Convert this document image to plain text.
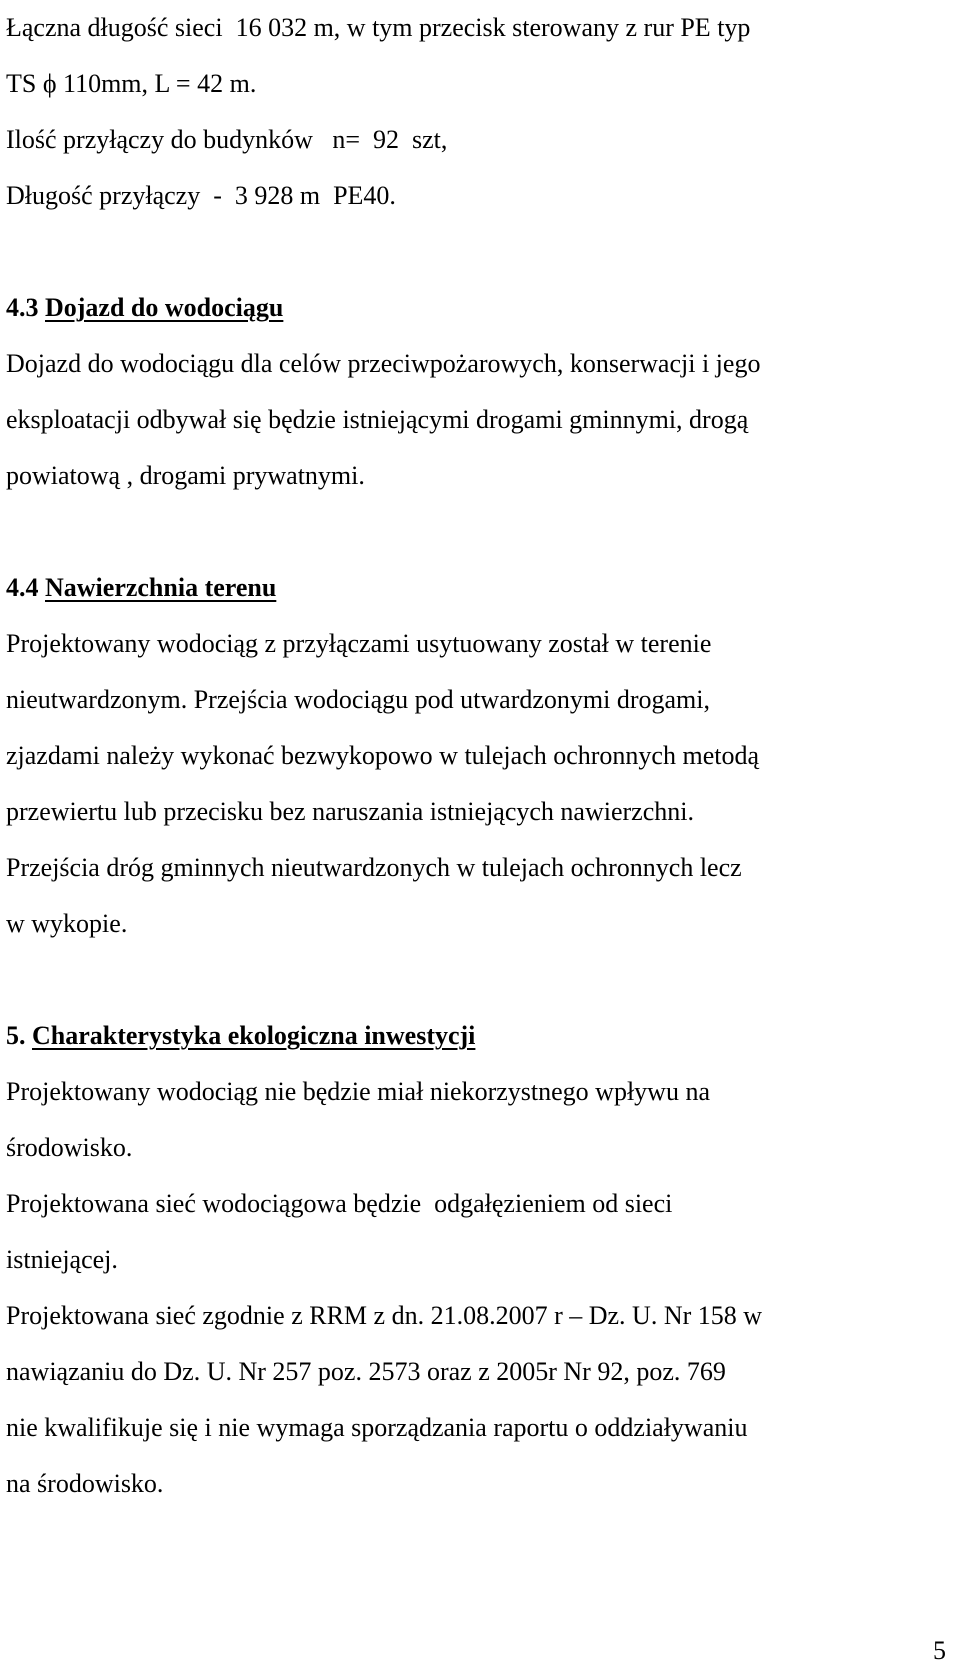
Łączna długość sieci  16 032 m, w tym przecisk sterowany z rur PE typ
TS ϕ 110mm, L = 42 m.
Ilość przyłączy do budynków   n=  92  szt,
Długość przyłączy  -  3 928 m  PE40.
4.3 Dojazd do wodociągu
Dojazd do wodociągu dla celów przeciwpożarowych, konserwacji i jego
eksploatacji odbywał się będzie istniejącymi drogami gminnymi, drogą
powiatową , drogami prywatnymi.
4.4 Nawierzchnia terenu
Projektowany wodociąg z przyłączami usytuowany został w terenie
nieutwardzonym. Przejścia wodociągu pod utwardzonymi drogami,
zjazdami należy wykonać bezwykopowo w tulejach ochronnych metodą
przewiertu lub przecisku bez naruszania istniejących nawierzchni.
Przejścia dróg gminnych nieutwardzonych w tulejach ochronnych lecz
w wykopie.
5. Charakterystyka ekologiczna inwestycji
Projektowany wodociąg nie będzie miał niekorzystnego wpływu na
środowisko.
Projektowana sieć wodociągowa będzie  odgałęzieniem od sieci
istniejącej.
Projektowana sieć zgodnie z RRM z dn. 21.08.2007 r – Dz. U. Nr 158 w
nawiązaniu do Dz. U. Nr 257 poz. 2573 oraz z 2005r Nr 92, poz. 769
nie kwalifikuje się i nie wymaga sporządzania raportu o oddziaływaniu
na środowisko.
5
